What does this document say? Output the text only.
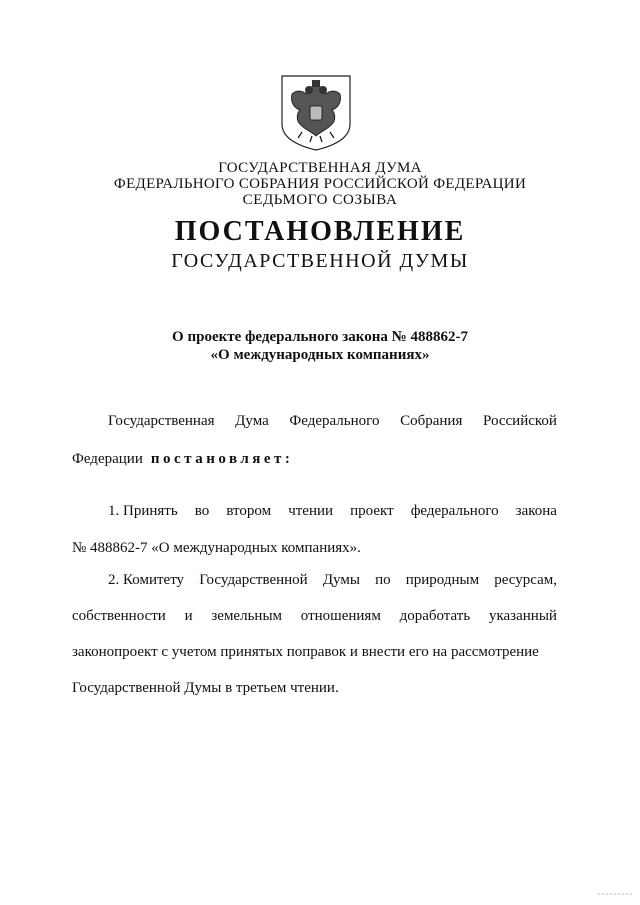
ГОСУДАРСТВЕННАЯ ДУМА
ФЕДЕРАЛЬНОГО СОБРАНИЯ РОССИЙСКОЙ ФЕДЕРАЦИИ
СЕДЬМОГО СОЗЫВА
ПОСТАНОВЛЕНИЕ
ГОСУДАРСТВЕННОЙ ДУМЫ
О проекте федерального закона № 488862-7
«О международных компаниях»
Государственная Дума Федерального Собрания Российской
Федерации постановляет:
1. Принять во втором чтении проект федерального закона
№ 488862-7 «О международных компаниях».
2. Комитету Государственной Думы по природным ресурсам,
собственности и земельным отношениям доработать указанный
законопроект с учетом принятых поправок и внести его на рассмотрение
Государственной Думы в третьем чтении.
